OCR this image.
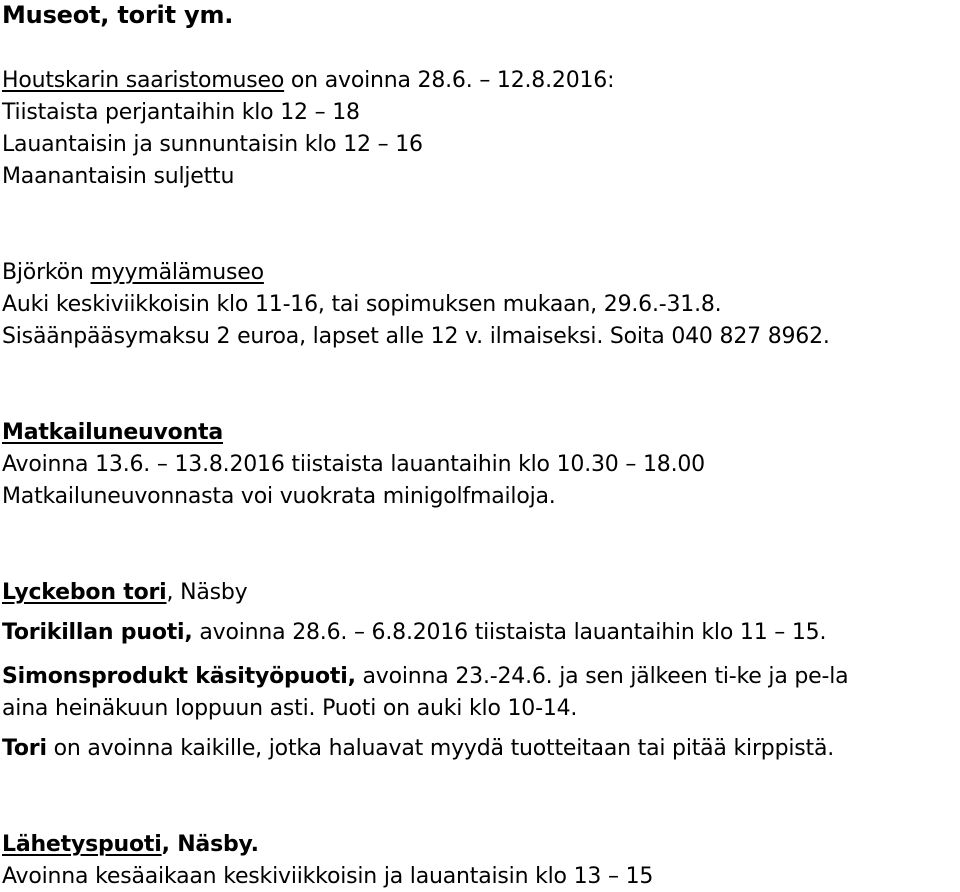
Museot, torit ym.
Houtskarin saaristomuseo on avoinna 28.6. – 12.8.2016:
Tiistaista perjantaihin klo 12 – 18
Lauantaisin ja sunnuntaisin klo 12 – 16
Maanantaisin suljettu
Björkön myymälämuseo
Auki keskiviikkoisin klo 11-16, tai sopimuksen mukaan, 29.6.-31.8.
Sisäänpääsymaksu 2 euroa, lapset alle 12 v. ilmaiseksi. Soita 040 827 8962.
Matkailuneuvonta
Avoinna 13.6. – 13.8.2016 tiistaista lauantaihin klo 10.30 – 18.00
Matkailuneuvonnasta voi vuokrata minigolfmailoja.
Lyckebon tori, Näsby
Torikillan puoti, avoinna 28.6. – 6.8.2016 tiistaista lauantaihin klo 11 – 15.
Simonsprodukt käsityöpuoti, avoinna 23.-24.6. ja sen jälkeen ti-ke ja pe-la
aina heinäkuun loppuun asti. Puoti on auki klo 10-14.
Tori on avoinna kaikille, jotka haluavat myydä tuotteitaan tai pitää kirppistä.
Lähetyspuoti, Näsby.
Avoinna kesäaikaan keskiviikkoisin ja lauantaisin klo 13 – 15
